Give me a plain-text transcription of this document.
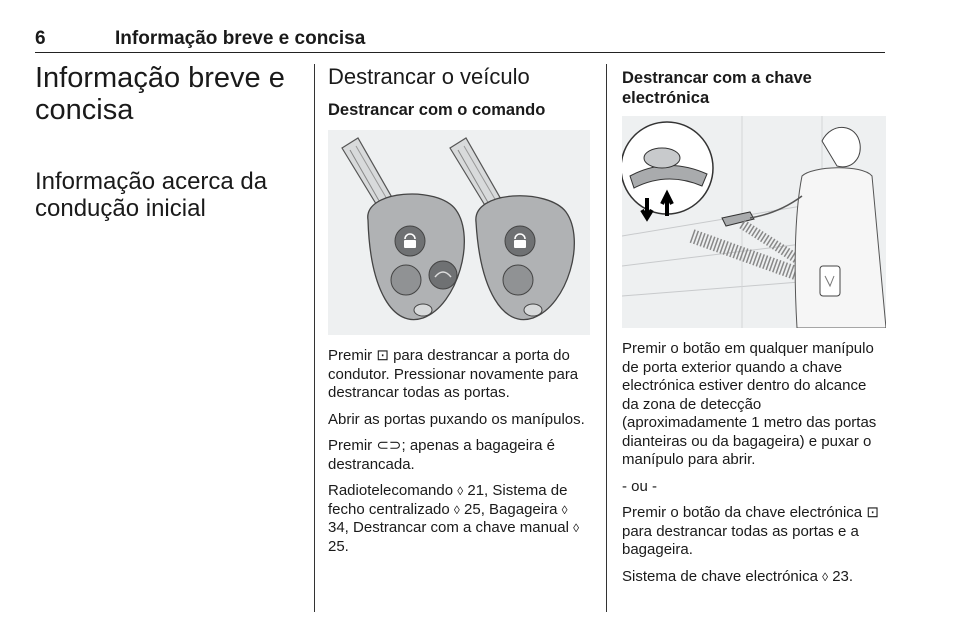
6	Informação breve e concisa
Informação breve e concisa
Informação acerca da condução inicial
Destrancar o veículo
Destrancar com o comando

Premir ⊡ para destrancar a porta do condutor. Pressionar novamente para destrancar todas as portas.

Abrir as portas puxando os manípulos.

Premir ⊂⊃; apenas a bagageira é destrancada.

Radiotelecomando ◊ 21, Sistema de fecho centralizado ◊ 25, Bagageira ◊ 34, Destrancar com a chave manual ◊ 25.

Destrancar com a chave electrónica

Premir o botão em qualquer manípulo de porta exterior quando a chave electrónica estiver dentro do alcance da zona de detecção (aproximadamente 1 metro das portas dianteiras ou da bagageira) e puxar o manípulo para abrir.

- ou -

Premir o botão da chave electrónica ⊡ para destrancar todas as portas e a bagageira.

Sistema de chave electrónica ◊ 23.
